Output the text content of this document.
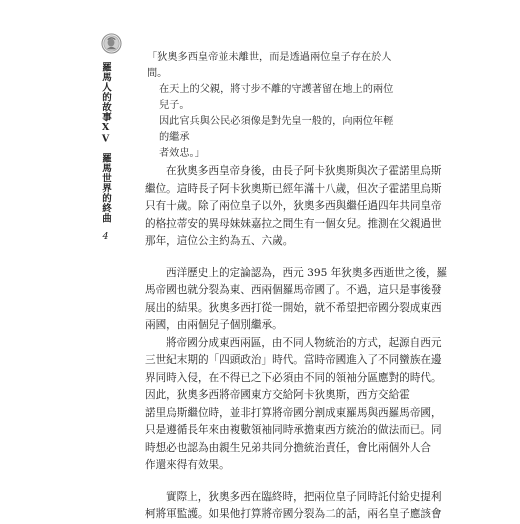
羅馬人的故事XV羅馬世界的終曲4

「狄奧多西皇帝並未離世，而是透過兩位皇子存在於人間。

在天上的父親，將寸步不離的守護著留在地上的兩位兒子。

因此官兵與公民必須像是對先皇一般的，向兩位年輕的繼承

者效忠。」

在狄奧多西皇帝身後，由長子阿卡狄奧斯與次子霍諾里烏斯
繼位。這時長子阿卡狄奧斯已經年滿十八歲，但次子霍諾里烏斯
只有十歲。除了兩位皇子以外，狄奧多西與繼任過四年共同皇帝
的格拉蒂安的異母妹妹嘉拉之間生有一個女兒。推測在父親過世
那年，這位公主約為五、六歲。
西洋歷史上的定論認為，西元 395 年狄奧多西逝世之後，羅
馬帝國也就分裂為東、西兩個羅馬帝國了。不過，這只是事後發
展出的結果。狄奧多西打從一開始，就不希望把帝國分裂成東西
兩國，由兩個兒子個別繼承。
將帝國分成東西兩區，由不同人物統治的方式，起源自西元
三世紀末期的「四頭政治」時代。當時帝國進入了不同蠻族在邊
界同時入侵，在不得已之下必須由不同的領袖分區應對的時代。
因此，狄奧多西將帝國東方交給阿卡狄奧斯，西方交給霍
諾里烏斯繼位時，並非打算將帝國分割成東羅馬與西羅馬帝國，
只是遵循長年來由複數領袖同時承擔東西方統治的做法而已。同
時想必也認為由親生兄弟共同分擔統治責任，會比兩個外人合
作還來得有效果。
實際上，狄奧多西在臨終時，把兩位皇子同時託付給史提利
柯將軍監護。如果他打算將帝國分裂為二的話，兩名皇子應該會
